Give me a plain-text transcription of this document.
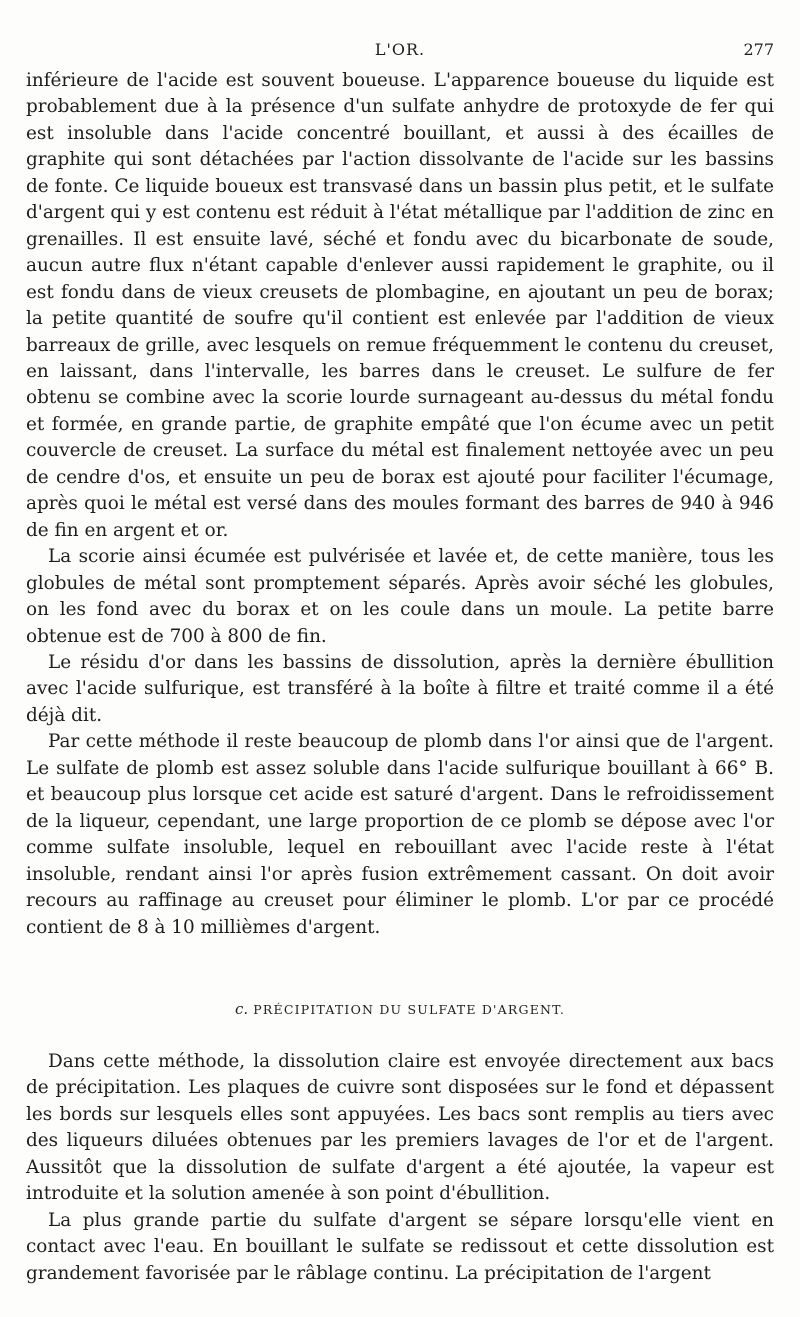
L'OR.	277

inférieure de l'acide est souvent boueuse. L'apparence boueuse du liquide est probablement due à la présence d'un sulfate anhydre de protoxyde de fer qui est insoluble dans l'acide concentré bouillant, et aussi à des écailles de graphite qui sont détachées par l'action dissolvante de l'acide sur les bassins de fonte. Ce liquide boueux est transvasé dans un bassin plus petit, et le sulfate d'argent qui y est contenu est réduit à l'état métallique par l'addition de zinc en grenailles. Il est ensuite lavé, séché et fondu avec du bicarbonate de soude, aucun autre flux n'étant capable d'enlever aussi rapidement le graphite, ou il est fondu dans de vieux creusets de plombagine, en ajoutant un peu de borax; la petite quantité de soufre qu'il contient est enlevée par l'addition de vieux barreaux de grille, avec lesquels on remue fréquemment le contenu du creuset, en laissant, dans l'intervalle, les barres dans le creuset. Le sulfure de fer obtenu se combine avec la scorie lourde surnageant au-dessus du métal fondu et formée, en grande partie, de graphite empâté que l'on écume avec un petit couvercle de creuset. La surface du métal est finalement nettoyée avec un peu de cendre d'os, et ensuite un peu de borax est ajouté pour faciliter l'écumage, après quoi le métal est versé dans des moules formant des barres de 940 à 946 de fin en argent et or.

La scorie ainsi écumée est pulvérisée et lavée et, de cette manière, tous les globules de métal sont promptement séparés. Après avoir séché les globules, on les fond avec du borax et on les coule dans un moule. La petite barre obtenue est de 700 à 800 de fin.

Le résidu d'or dans les bassins de dissolution, après la dernière ébullition avec l'acide sulfurique, est transféré à la boîte à filtre et traité comme il a été déjà dit.

Par cette méthode il reste beaucoup de plomb dans l'or ainsi que de l'argent. Le sulfate de plomb est assez soluble dans l'acide sulfurique bouillant à 66° B. et beaucoup plus lorsque cet acide est saturé d'argent. Dans le refroidissement de la liqueur, cependant, une large proportion de ce plomb se dépose avec l'or comme sulfate insoluble, lequel en rebouillant avec l'acide reste à l'état insoluble, rendant ainsi l'or après fusion extrêmement cassant. On doit avoir recours au raffinage au creuset pour éliminer le plomb. L'or par ce procédé contient de 8 à 10 millièmes d'argent.

c. PRÉCIPITATION DU SULFATE D'ARGENT.

Dans cette méthode, la dissolution claire est envoyée directement aux bacs de précipitation. Les plaques de cuivre sont disposées sur le fond et dépassent les bords sur lesquels elles sont appuyées. Les bacs sont remplis au tiers avec des liqueurs diluées obtenues par les premiers lavages de l'or et de l'argent. Aussitôt que la dissolution de sulfate d'argent a été ajoutée, la vapeur est introduite et la solution amenée à son point d'ébullition.

La plus grande partie du sulfate d'argent se sépare lorsqu'elle vient en contact avec l'eau. En bouillant le sulfate se redissout et cette dissolution est grandement favorisée par le râblage continu. La précipitation de l'argent
